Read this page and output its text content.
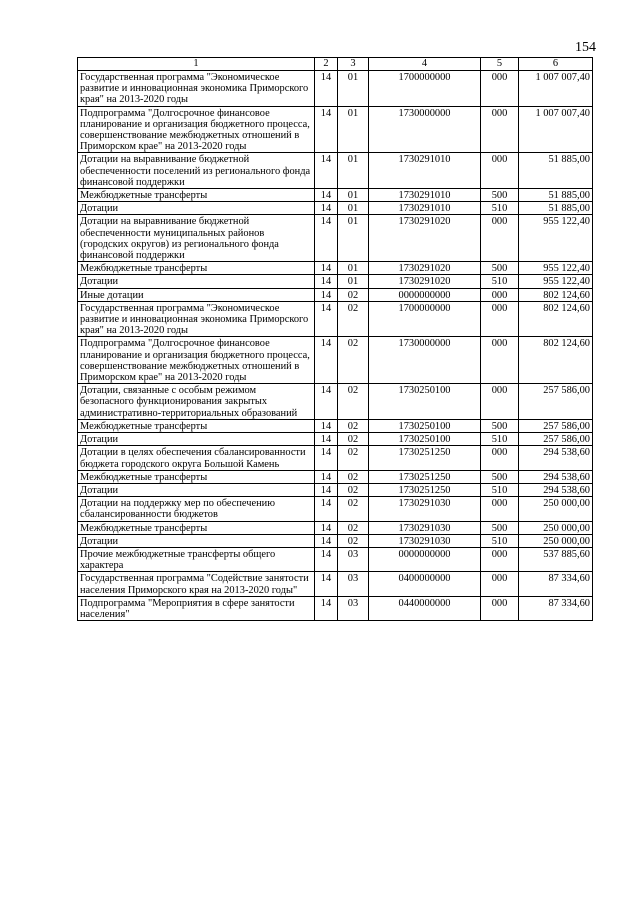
154
1	2	3	4	5	6
Государственная программа "Экономическое развитие и инновационная экономика Приморского края" на 2013-2020 годы	14	01	1700000000	000	1 007 007,40
Подпрограмма "Долгосрочное финансовое планирование и организация бюджетного процесса, совершенствование межбюджетных отношений в Приморском крае" на 2013-2020 годы	14	01	1730000000	000	1 007 007,40
Дотации на выравнивание бюджетной обеспеченности поселений из регионального фонда финансовой поддержки	14	01	1730291010	000	51 885,00
Межбюджетные трансферты	14	01	1730291010	500	51 885,00
Дотации	14	01	1730291010	510	51 885,00
Дотации на выравнивание бюджетной обеспеченности муниципальных районов (городских округов) из регионального фонда финансовой поддержки	14	01	1730291020	000	955 122,40
Межбюджетные трансферты	14	01	1730291020	500	955 122,40
Дотации	14	01	1730291020	510	955 122,40
Иные дотации	14	02	0000000000	000	802 124,60
Государственная программа "Экономическое развитие и инновационная экономика Приморского края" на 2013-2020 годы	14	02	1700000000	000	802 124,60
Подпрограмма "Долгосрочное финансовое планирование и организация бюджетного процесса, совершенствование межбюджетных отношений в Приморском крае" на 2013-2020 годы	14	02	1730000000	000	802 124,60
Дотации, связанные с особым режимом безопасного функционирования закрытых административно-территориальных образований	14	02	1730250100	000	257 586,00
Межбюджетные трансферты	14	02	1730250100	500	257 586,00
Дотации	14	02	1730250100	510	257 586,00
Дотации в целях обеспечения сбалансированности бюджета городского округа Большой Камень	14	02	1730251250	000	294 538,60
Межбюджетные трансферты	14	02	1730251250	500	294 538,60
Дотации	14	02	1730251250	510	294 538,60
Дотации на поддержку мер по обеспечению сбалансированности бюджетов	14	02	1730291030	000	250 000,00
Межбюджетные трансферты	14	02	1730291030	500	250 000,00
Дотации	14	02	1730291030	510	250 000,00
Прочие межбюджетные трансферты общего характера	14	03	0000000000	000	537 885,60
Государственная программа "Содействие занятости населения Приморского края на 2013-2020 годы"	14	03	0400000000	000	87 334,60
Подпрограмма "Мероприятия в сфере занятости населения"	14	03	0440000000	000	87 334,60
